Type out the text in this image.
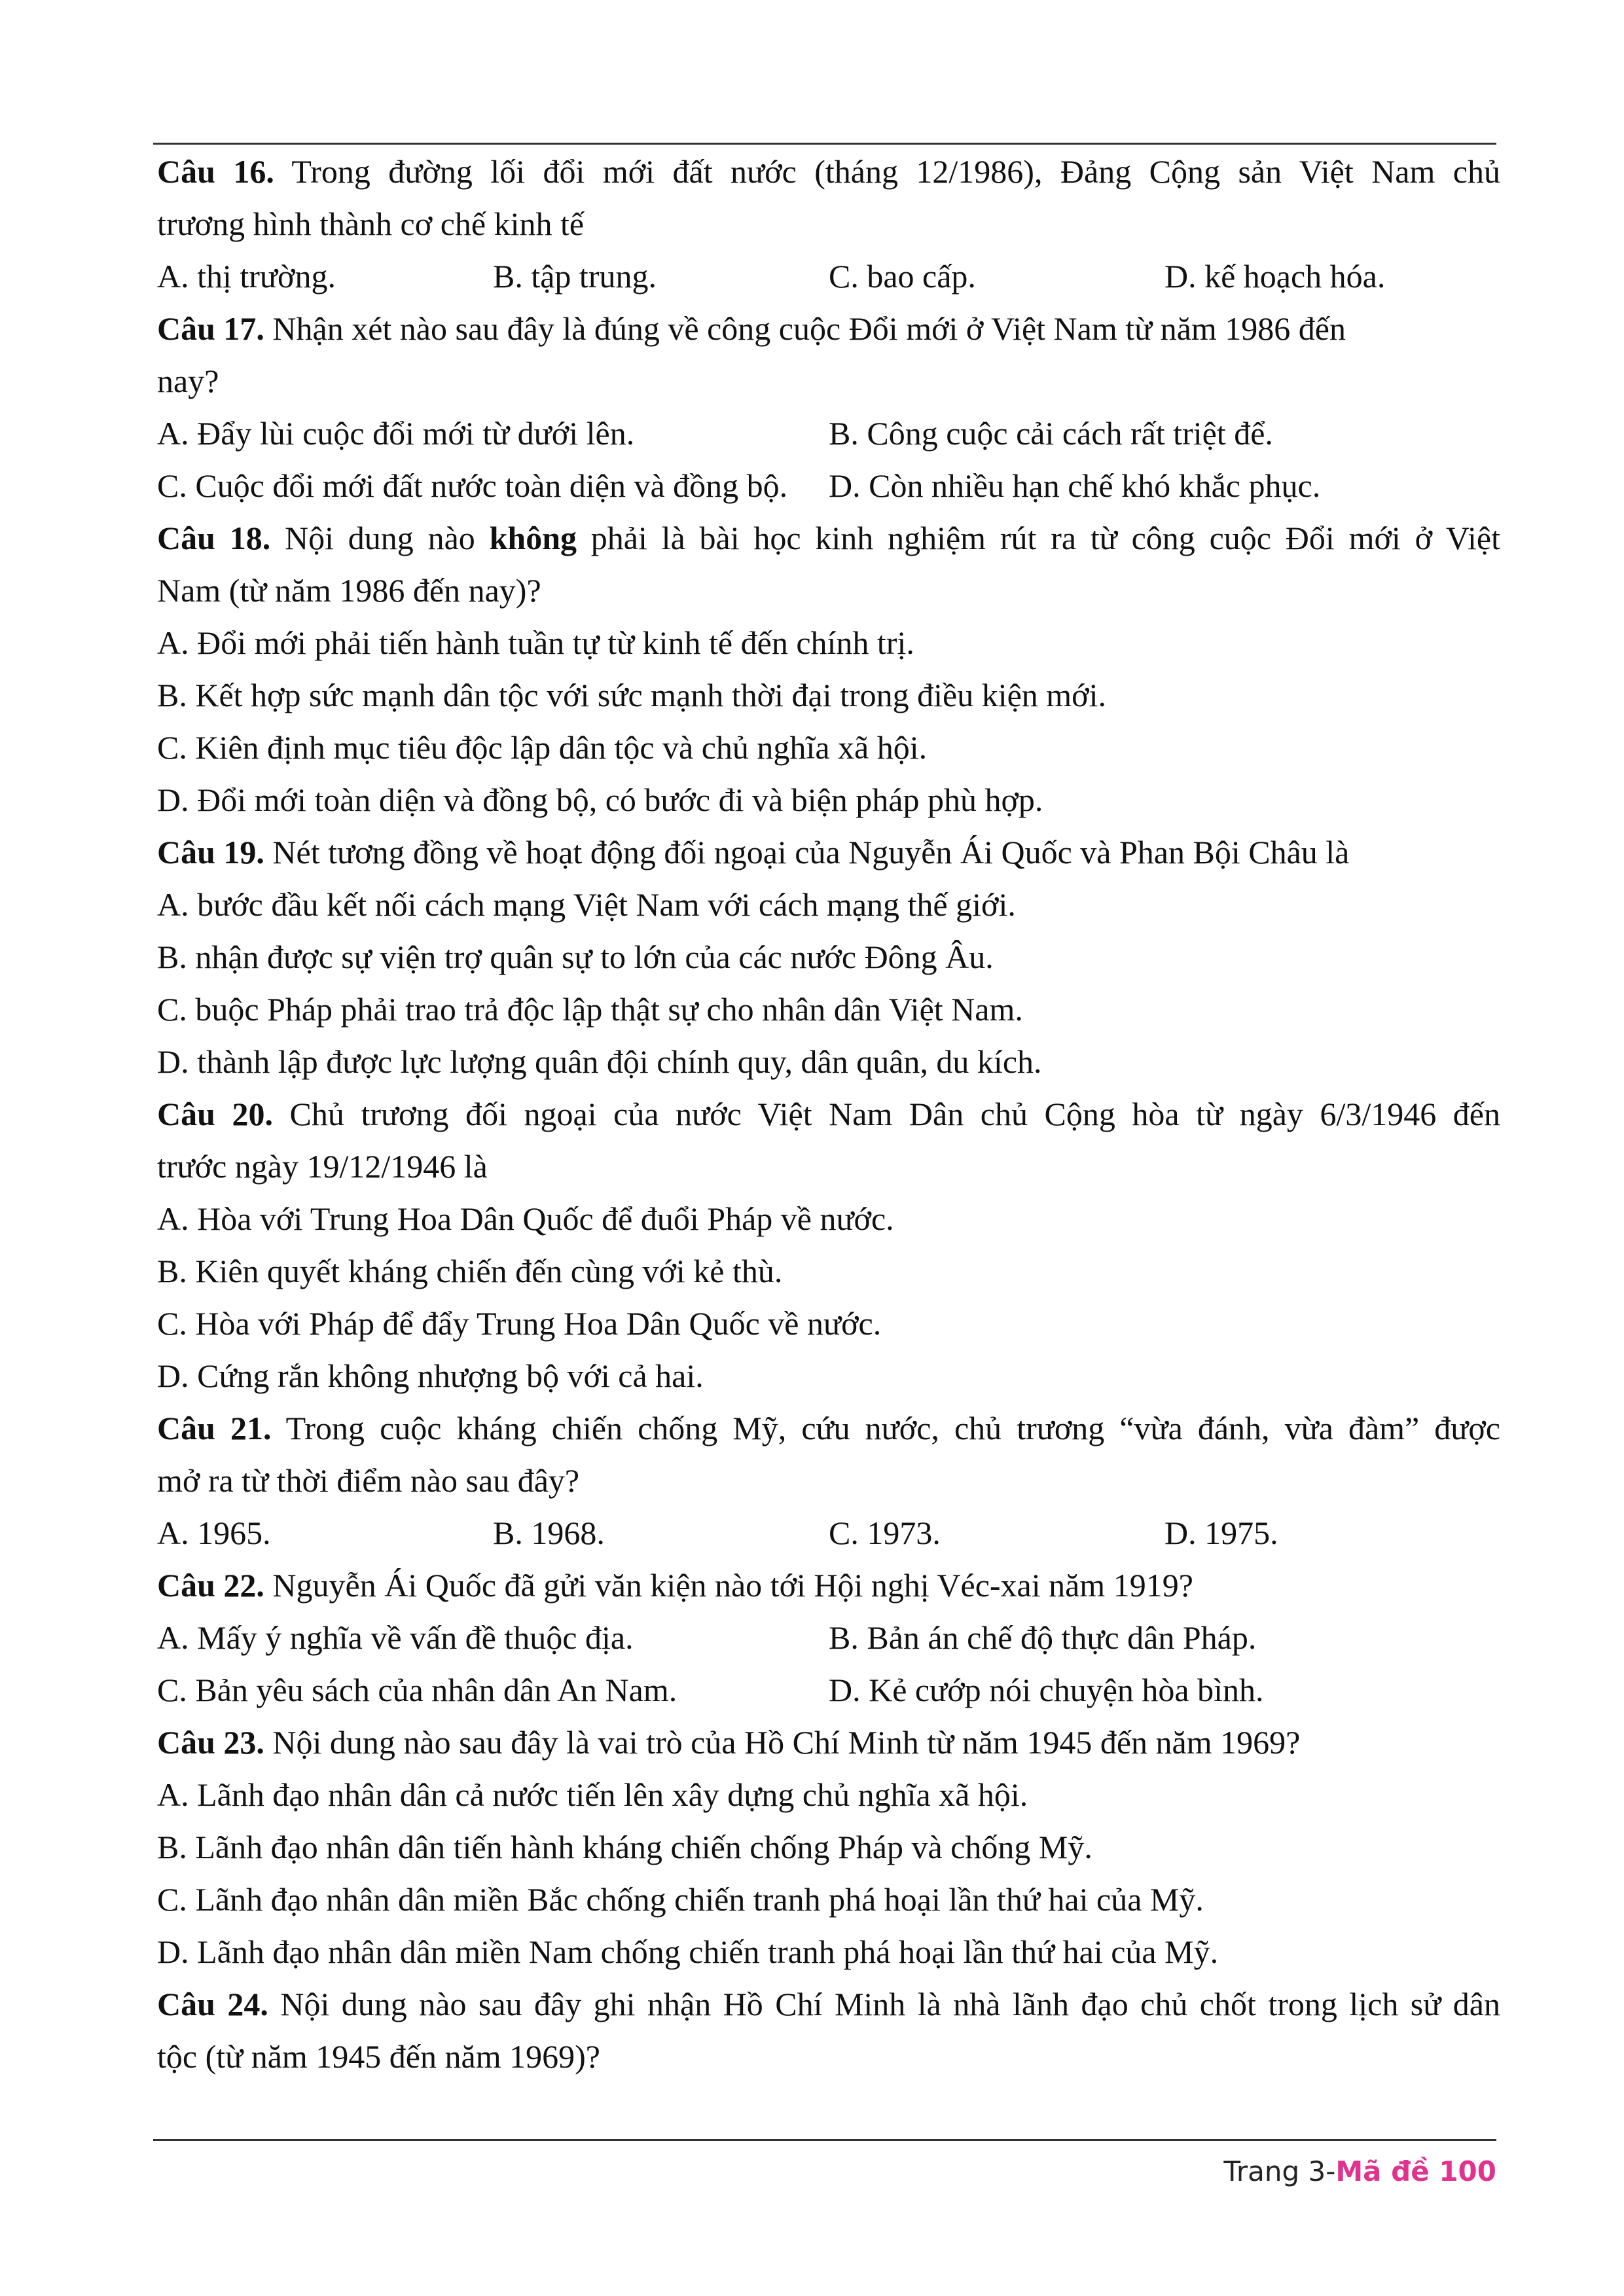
Câu 16. Trong đường lối đổi mới đất nước (tháng 12/1986), Đảng Cộng sản Việt Nam chủ
trương hình thành cơ chế kinh tế
A. thị trường.	B. tập trung.	C. bao cấp.	D. kế hoạch hóa.
Câu 17. Nhận xét nào sau đây là đúng về công cuộc Đổi mới ở Việt Nam từ năm 1986 đến
nay?
A. Đẩy lùi cuộc đổi mới từ dưới lên.	B. Công cuộc cải cách rất triệt để.
C. Cuộc đổi mới đất nước toàn diện và đồng bộ.	D. Còn nhiều hạn chế khó khắc phục.
Câu 18. Nội dung nào không phải là bài học kinh nghiệm rút ra từ công cuộc Đổi mới ở Việt
Nam (từ năm 1986 đến nay)?
A. Đổi mới phải tiến hành tuần tự từ kinh tế đến chính trị.
B. Kết hợp sức mạnh dân tộc với sức mạnh thời đại trong điều kiện mới.
C. Kiên định mục tiêu độc lập dân tộc và chủ nghĩa xã hội.
D. Đổi mới toàn diện và đồng bộ, có bước đi và biện pháp phù hợp.
Câu 19. Nét tương đồng về hoạt động đối ngoại của Nguyễn Ái Quốc và Phan Bội Châu là
A. bước đầu kết nối cách mạng Việt Nam với cách mạng thế giới.
B. nhận được sự viện trợ quân sự to lớn của các nước Đông Âu.
C. buộc Pháp phải trao trả độc lập thật sự cho nhân dân Việt Nam.
D. thành lập được lực lượng quân đội chính quy, dân quân, du kích.
Câu 20. Chủ trương đối ngoại của nước Việt Nam Dân chủ Cộng hòa từ ngày 6/3/1946 đến
trước ngày 19/12/1946 là
A. Hòa với Trung Hoa Dân Quốc để đuổi Pháp về nước.
B. Kiên quyết kháng chiến đến cùng với kẻ thù.
C. Hòa với Pháp để đẩy Trung Hoa Dân Quốc về nước.
D. Cứng rắn không nhượng bộ với cả hai.
Câu 21. Trong cuộc kháng chiến chống Mỹ, cứu nước, chủ trương “vừa đánh, vừa đàm” được
mở ra từ thời điểm nào sau đây?
A. 1965.	B. 1968.	C. 1973.	D. 1975.
Câu 22. Nguyễn Ái Quốc đã gửi văn kiện nào tới Hội nghị Véc-xai năm 1919?
A. Mấy ý nghĩa về vấn đề thuộc địa.	B. Bản án chế độ thực dân Pháp.
C. Bản yêu sách của nhân dân An Nam.	D. Kẻ cướp nói chuyện hòa bình.
Câu 23. Nội dung nào sau đây là vai trò của Hồ Chí Minh từ năm 1945 đến năm 1969?
A. Lãnh đạo nhân dân cả nước tiến lên xây dựng chủ nghĩa xã hội.
B. Lãnh đạo nhân dân tiến hành kháng chiến chống Pháp và chống Mỹ.
C. Lãnh đạo nhân dân miền Bắc chống chiến tranh phá hoại lần thứ hai của Mỹ.
D. Lãnh đạo nhân dân miền Nam chống chiến tranh phá hoại lần thứ hai của Mỹ.
Câu 24. Nội dung nào sau đây ghi nhận Hồ Chí Minh là nhà lãnh đạo chủ chốt trong lịch sử dân
tộc (từ năm 1945 đến năm 1969)?
Trang 3-Mã đề 100
